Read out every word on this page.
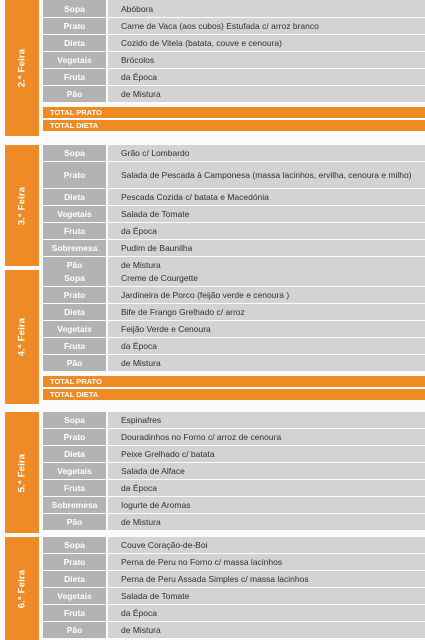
2.ª Feira
Sopa	Abóbora
Prato	Carne de Vaca (aos cubos) Estufada c/ arroz branco
Dieta	Cozido de Vitela (batata, couve e cenoura)
Vegetais	Brócolos
Fruta	da Época
Pão	de Mistura
TOTAL PRATO
TOTAL DIETA
3.ª Feira
Sopa	Grão c/ Lombardo
Prato	Salada de Pescada à Camponesa (massa lacinhos, ervilha, cenoura e milho)
Dieta	Pescada Cozida c/ batata e Macedónia
Vegetais	Salada de Tomate
Fruta	da Época
Sobremesa	Pudim de Baunilha
Pão	de Mistura
4.ª Feira
Sopa	Creme de Courgette
Prato	Jardineira de Porco (feijão verde e cenoura )
Dieta	Bife de Frango Grelhado c/ arroz
Vegetais	Feijão Verde e Cenoura
Fruta	da Época
Pão	de Mistura
TOTAL PRATO
TOTAL DIETA
5.ª Feira
Sopa	Espinafres
Prato	Douradinhos no Forno c/ arroz de cenoura
Dieta	Peixe Grelhado c/ batata
Vegetais	Salada de Alface
Fruta	da Época
Sobremesa	Iogurte de Aromas
Pão	de Mistura
6.ª Feira
Sopa	Couve Coração-de-Boi
Prato	Perna de Peru no Forno c/ massa lacinhos
Dieta	Perna de Peru Assada Simples c/ massa lacinhos
Vegetais	Salada de Tomate
Fruta	da Época
Pão	de Mistura
